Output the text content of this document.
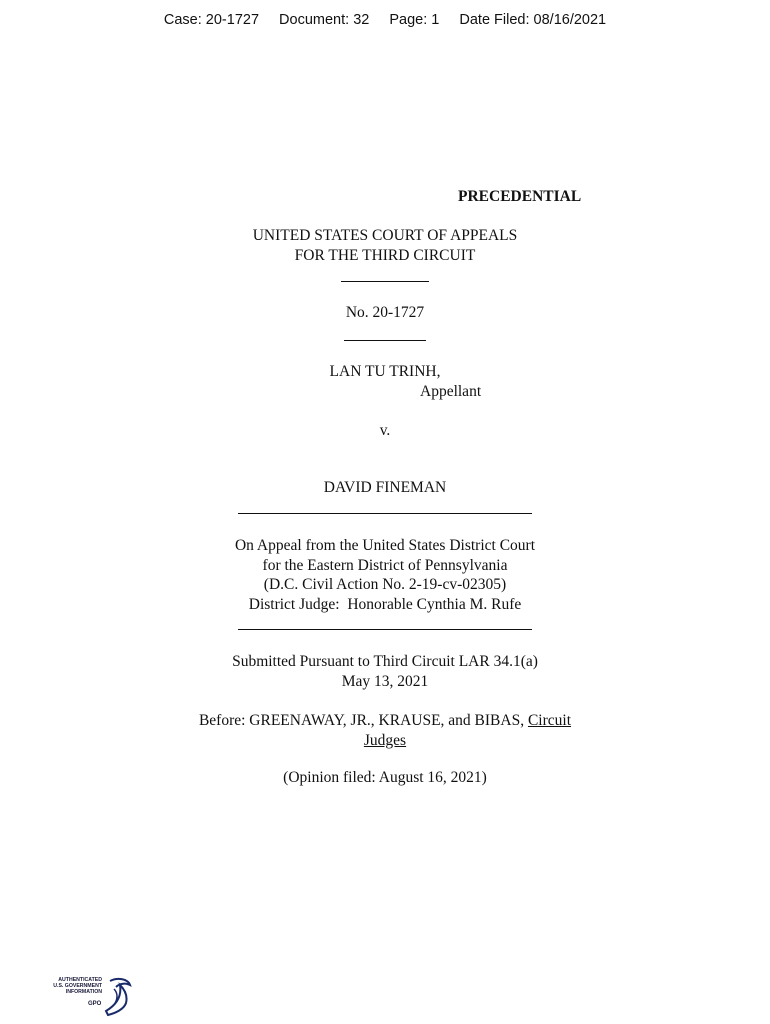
Case: 20-1727 Document: 32 Page: 1 Date Filed: 08/16/2021
PRECEDENTIAL
UNITED STATES COURT OF APPEALS
FOR THE THIRD CIRCUIT
No. 20-1727
LAN TU TRINH,
Appellant
v.
DAVID FINEMAN
On Appeal from the United States District Court
for the Eastern District of Pennsylvania
(D.C. Civil Action No. 2-19-cv-02305)
District Judge:  Honorable Cynthia M. Rufe
Submitted Pursuant to Third Circuit LAR 34.1(a)
May 13, 2021
Before: GREENAWAY, JR., KRAUSE, and BIBAS, Circuit
Judges
(Opinion filed: August 16, 2021)
AUTHENTICATED
U.S. GOVERNMENT
INFORMATION
GPO
